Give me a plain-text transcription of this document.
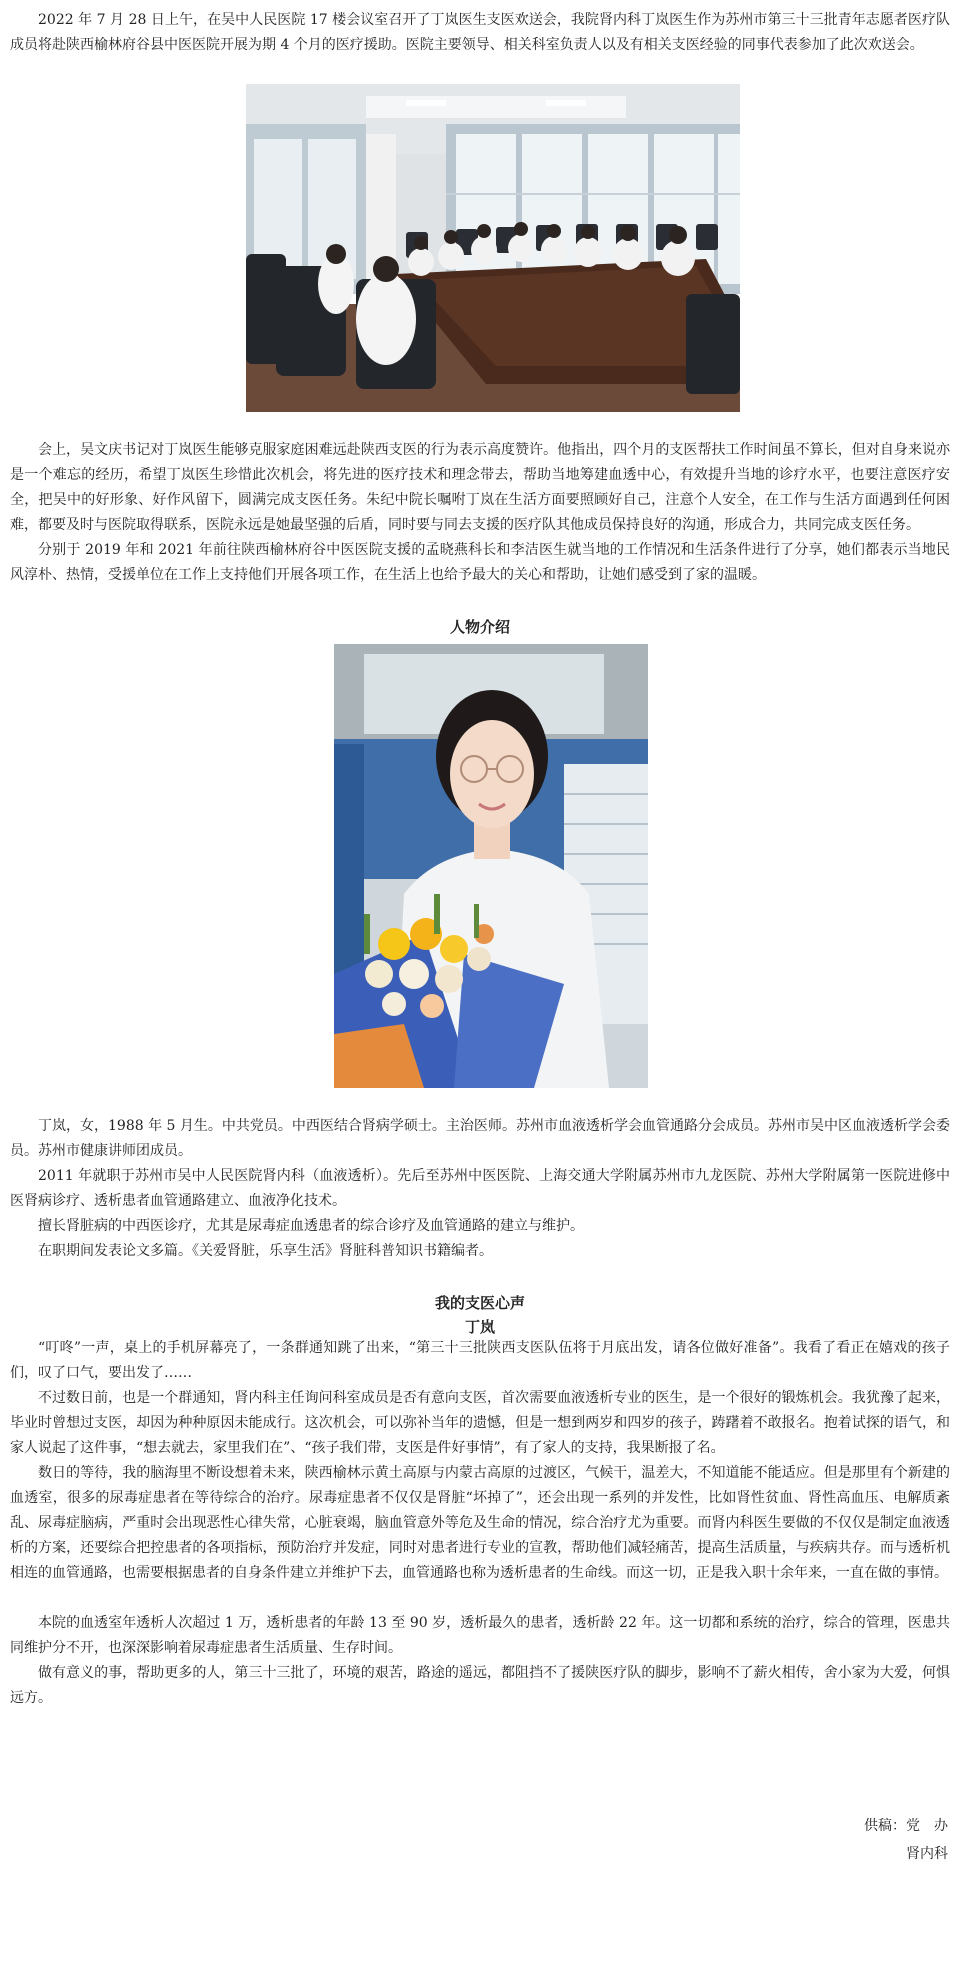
2022 年 7 月 28 日上午，在吴中人民医院 17 楼会议室召开了丁岚医生支医欢送会，我院肾内科丁岚医生作为苏州市第三十三批青年志愿者医疗队成员将赴陕西榆林府谷县中医医院开展为期 4 个月的医疗援助。医院主要领导、相关科室负责人以及有相关支医经验的同事代表参加了此次欢送会。

会上，吴文庆书记对丁岚医生能够克服家庭困难远赴陕西支医的行为表示高度赞许。他指出，四个月的支医帮扶工作时间虽不算长，但对自身来说亦是一个难忘的经历，希望丁岚医生珍惜此次机会，将先进的医疗技术和理念带去，帮助当地筹建血透中心，有效提升当地的诊疗水平，也要注意医疗安全，把吴中的好形象、好作风留下，圆满完成支医任务。朱纪中院长嘱咐丁岚在生活方面要照顾好自己，注意个人安全，在工作与生活方面遇到任何困难，都要及时与医院取得联系，医院永远是她最坚强的后盾，同时要与同去支援的医疗队其他成员保持良好的沟通，形成合力，共同完成支医任务。

分别于 2019 年和 2021 年前往陕西榆林府谷中医医院支援的孟晓燕科长和李洁医生就当地的工作情况和生活条件进行了分享，她们都表示当地民风淳朴、热情，受援单位在工作上支持他们开展各项工作，在生活上也给予最大的关心和帮助，让她们感受到了家的温暖。

人物介绍

丁岚，女，1988 年 5 月生。中共党员。中西医结合肾病学硕士。主治医师。苏州市血液透析学会血管通路分会成员。苏州市吴中区血液透析学会委员。苏州市健康讲师团成员。

2011 年就职于苏州市吴中人民医院肾内科（血液透析）。先后至苏州中医医院、上海交通大学附属苏州市九龙医院、苏州大学附属第一医院进修中医肾病诊疗、透析患者血管通路建立、血液净化技术。

擅长肾脏病的中西医诊疗，尤其是尿毒症血透患者的综合诊疗及血管通路的建立与维护。

在职期间发表论文多篇。《关爱肾脏，乐享生活》肾脏科普知识书籍编者。

我的支医心声

丁岚

“叮咚”一声，桌上的手机屏幕亮了，一条群通知跳了出来，“第三十三批陕西支医队伍将于月底出发，请各位做好准备”。我看了看正在嬉戏的孩子们，叹了口气，要出发了……

不过数日前，也是一个群通知，肾内科主任询问科室成员是否有意向支医，首次需要血液透析专业的医生，是一个很好的锻炼机会。我犹豫了起来，毕业时曾想过支医，却因为种种原因未能成行。这次机会，可以弥补当年的遗憾，但是一想到两岁和四岁的孩子，踌躇着不敢报名。抱着试探的语气，和家人说起了这件事，“想去就去，家里我们在”、“孩子我们带，支医是件好事情”，有了家人的支持，我果断报了名。

数日的等待，我的脑海里不断设想着未来，陕西榆林示黄土高原与内蒙古高原的过渡区，气候干，温差大，不知道能不能适应。但是那里有个新建的血透室，很多的尿毒症患者在等待综合的治疗。尿毒症患者不仅仅是肾脏“坏掉了”，还会出现一系列的并发性，比如肾性贫血、肾性高血压、电解质紊乱、尿毒症脑病，严重时会出现恶性心律失常，心脏衰竭，脑血管意外等危及生命的情况，综合治疗尤为重要。而肾内科医生要做的不仅仅是制定血液透析的方案，还要综合把控患者的各项指标，预防治疗并发症，同时对患者进行专业的宣教，帮助他们减轻痛苦，提高生活质量，与疾病共存。而与透析机相连的血管通路，也需要根据患者的自身条件建立并维护下去，血管通路也称为透析患者的生命线。而这一切，正是我入职十余年来，一直在做的事情。

本院的血透室年透析人次超过 1 万，透析患者的年龄 13 至 90 岁，透析最久的患者，透析龄 22 年。这一切都和系统的治疗，综合的管理，医患共同维护分不开，也深深影响着尿毒症患者生活质量、生存时间。

做有意义的事，帮助更多的人，第三十三批了，环境的艰苦，路途的遥远，都阻挡不了援陕医疗队的脚步，影响不了薪火相传，舍小家为大爱，何惧远方。

供稿：党　办

肾内科
